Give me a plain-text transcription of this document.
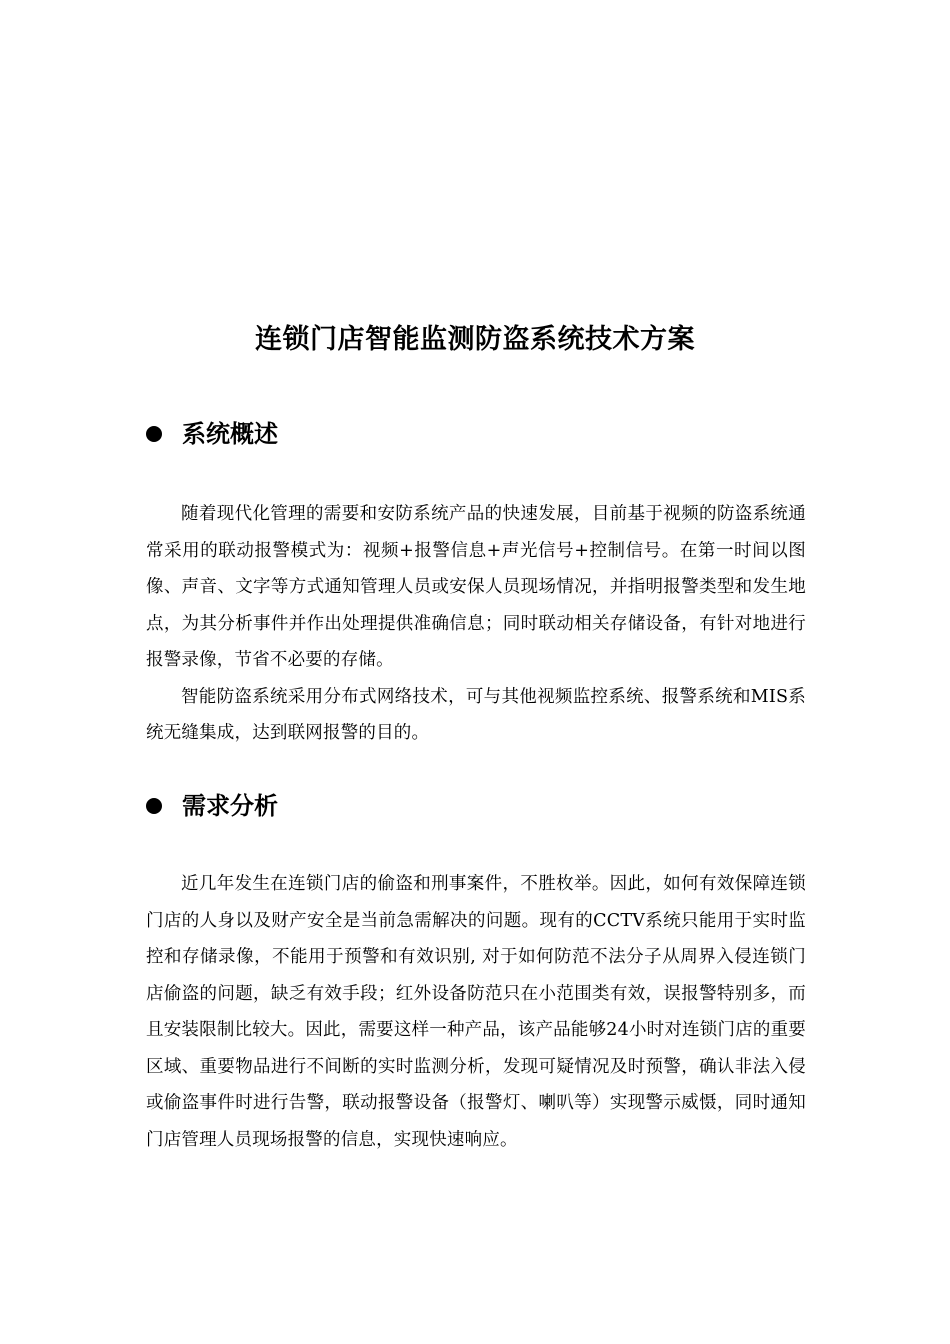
连锁门店智能监测防盗系统技术方案
系统概述

随着现代化管理的需要和安防系统产品的快速发展，目前基于视频的防盗系统通常采用的联动报警模式为：视频+报警信息+声光信号+控制信号。在第一时间以图像、声音、文字等方式通知管理人员或安保人员现场情况，并指明报警类型和发生地点，为其分析事件并作出处理提供准确信息；同时联动相关存储设备，有针对地进行报警录像，节省不必要的存储。

智能防盗系统采用分布式网络技术，可与其他视频监控系统、报警系统和MIS系统无缝集成，达到联网报警的目的。

需求分析

近几年发生在连锁门店的偷盗和刑事案件，不胜枚举。因此，如何有效保障连锁门店的人身以及财产安全是当前急需解决的问题。现有的CCTV系统只能用于实时监控和存储录像，不能用于预警和有效识别, 对于如何防范不法分子从周界入侵连锁门店偷盗的问题，缺乏有效手段；红外设备防范只在小范围类有效，误报警特别多，而且安装限制比较大。因此，需要这样一种产品，该产品能够24小时对连锁门店的重要区域、重要物品进行不间断的实时监测分析，发现可疑情况及时预警，确认非法入侵或偷盗事件时进行告警，联动报警设备（报警灯、喇叭等）实现警示威慑，同时通知门店管理人员现场报警的信息，实现快速响应。
